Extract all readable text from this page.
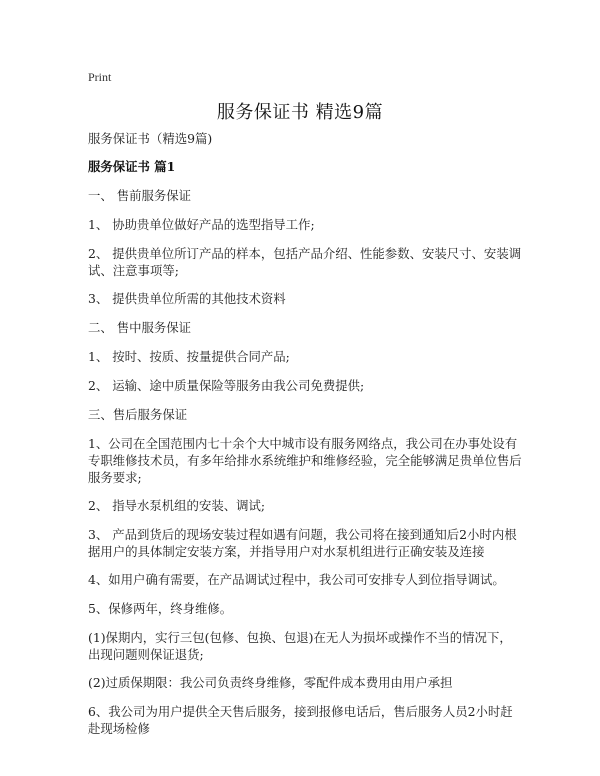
Print
服务保证书 精选9篇

服务保证书（精选9篇)

服务保证书 篇1

一、 售前服务保证

1、 协助贵单位做好产品的选型指导工作;

2、 提供贵单位所订产品的样本，包括产品介绍、性能参数、安装尺寸、安装调试、注意事项等;

3、 提供贵单位所需的其他技术资料

二、 售中服务保证

1、 按时、按质、按量提供合同产品;

2、 运输、途中质量保险等服务由我公司免费提供;

三、售后服务保证

1、公司在全国范围内七十余个大中城市设有服务网络点，我公司在办事处设有专职维修技术员，有多年给排水系统维护和维修经验，完全能够满足贵单位售后服务要求;

2、 指导水泵机组的安装、调试;

3、 产品到货后的现场安装过程如遇有问题，我公司将在接到通知后2小时内根据用户的具体制定安装方案，并指导用户对水泵机组进行正确安装及连接

4、如用户确有需要，在产品调试过程中，我公司可安排专人到位指导调试。

5、保修两年，终身维修。

(1)保期内，实行三包(包修、包换、包退)在无人为损坏或操作不当的情况下，出现问题则保证退货;

(2)过质保期限：我公司负责终身维修，零配件成本费用由用户承担

6、我公司为用户提供全天售后服务，接到报修电话后，售后服务人员2小时赶赴现场检修
